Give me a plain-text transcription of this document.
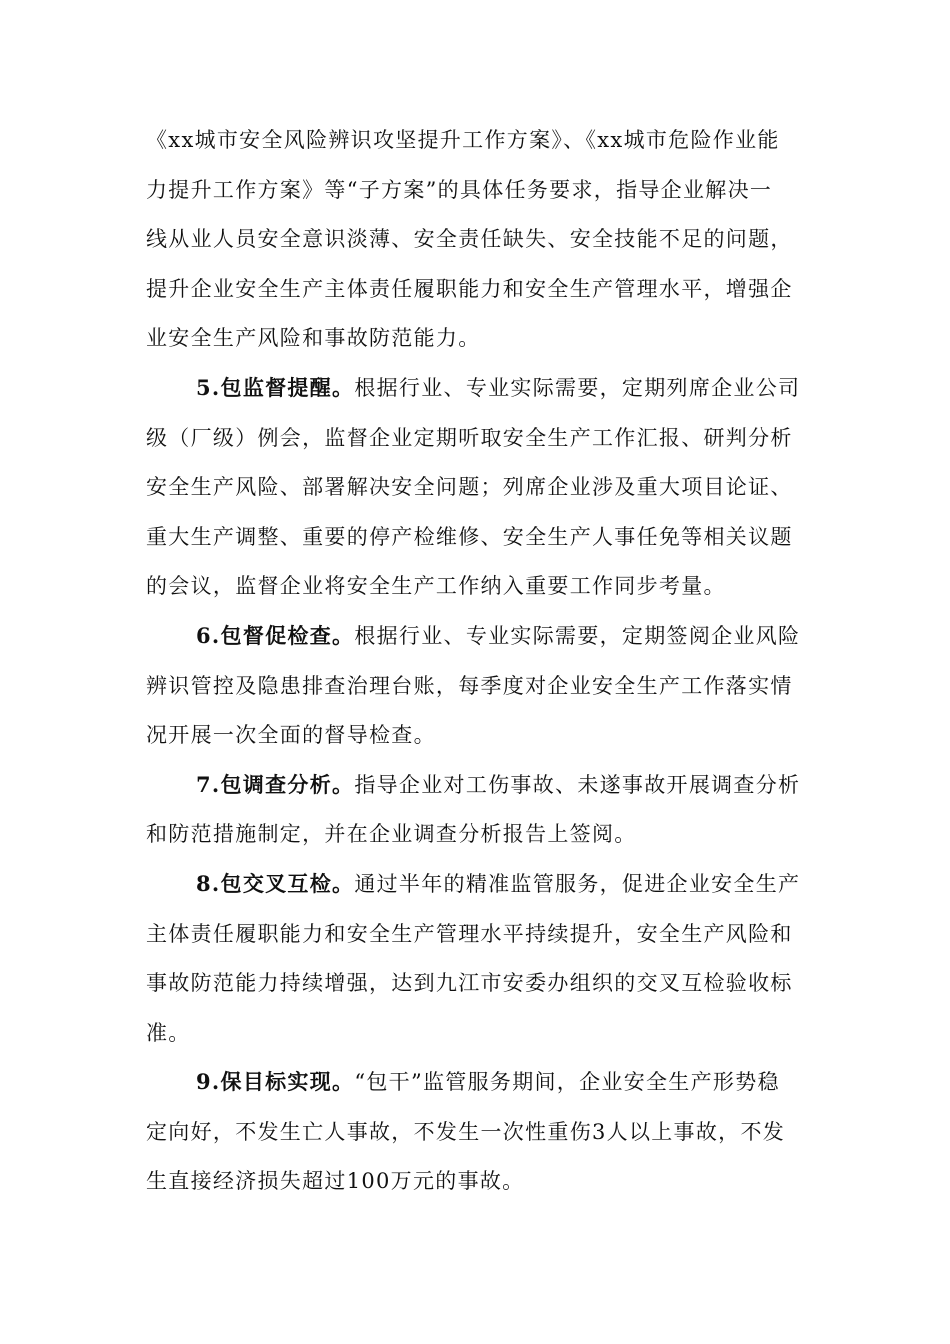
《xx城市安全风险辨识攻坚提升工作方案》、《xx城市危险作业能
力提升工作方案》等“子方案”的具体任务要求，指导企业解决一
线从业人员安全意识淡薄、安全责任缺失、安全技能不足的问题，
提升企业安全生产主体责任履职能力和安全生产管理水平，增强企
业安全生产风险和事故防范能力。
5.包监督提醒。根据行业、专业实际需要，定期列席企业公司
级（厂级）例会，监督企业定期听取安全生产工作汇报、研判分析
安全生产风险、部署解决安全问题；列席企业涉及重大项目论证、
重大生产调整、重要的停产检维修、安全生产人事任免等相关议题
的会议，监督企业将安全生产工作纳入重要工作同步考量。
6.包督促检查。根据行业、专业实际需要，定期签阅企业风险
辨识管控及隐患排查治理台账，每季度对企业安全生产工作落实情
况开展一次全面的督导检查。
7.包调查分析。指导企业对工伤事故、未遂事故开展调查分析
和防范措施制定，并在企业调查分析报告上签阅。
8.包交叉互检。通过半年的精准监管服务，促进企业安全生产
主体责任履职能力和安全生产管理水平持续提升，安全生产风险和
事故防范能力持续增强，达到九江市安委办组织的交叉互检验收标
准。
9.保目标实现。“包干”监管服务期间，企业安全生产形势稳
定向好，不发生亡人事故，不发生一次性重伤3人以上事故，不发
生直接经济损失超过100万元的事故。
